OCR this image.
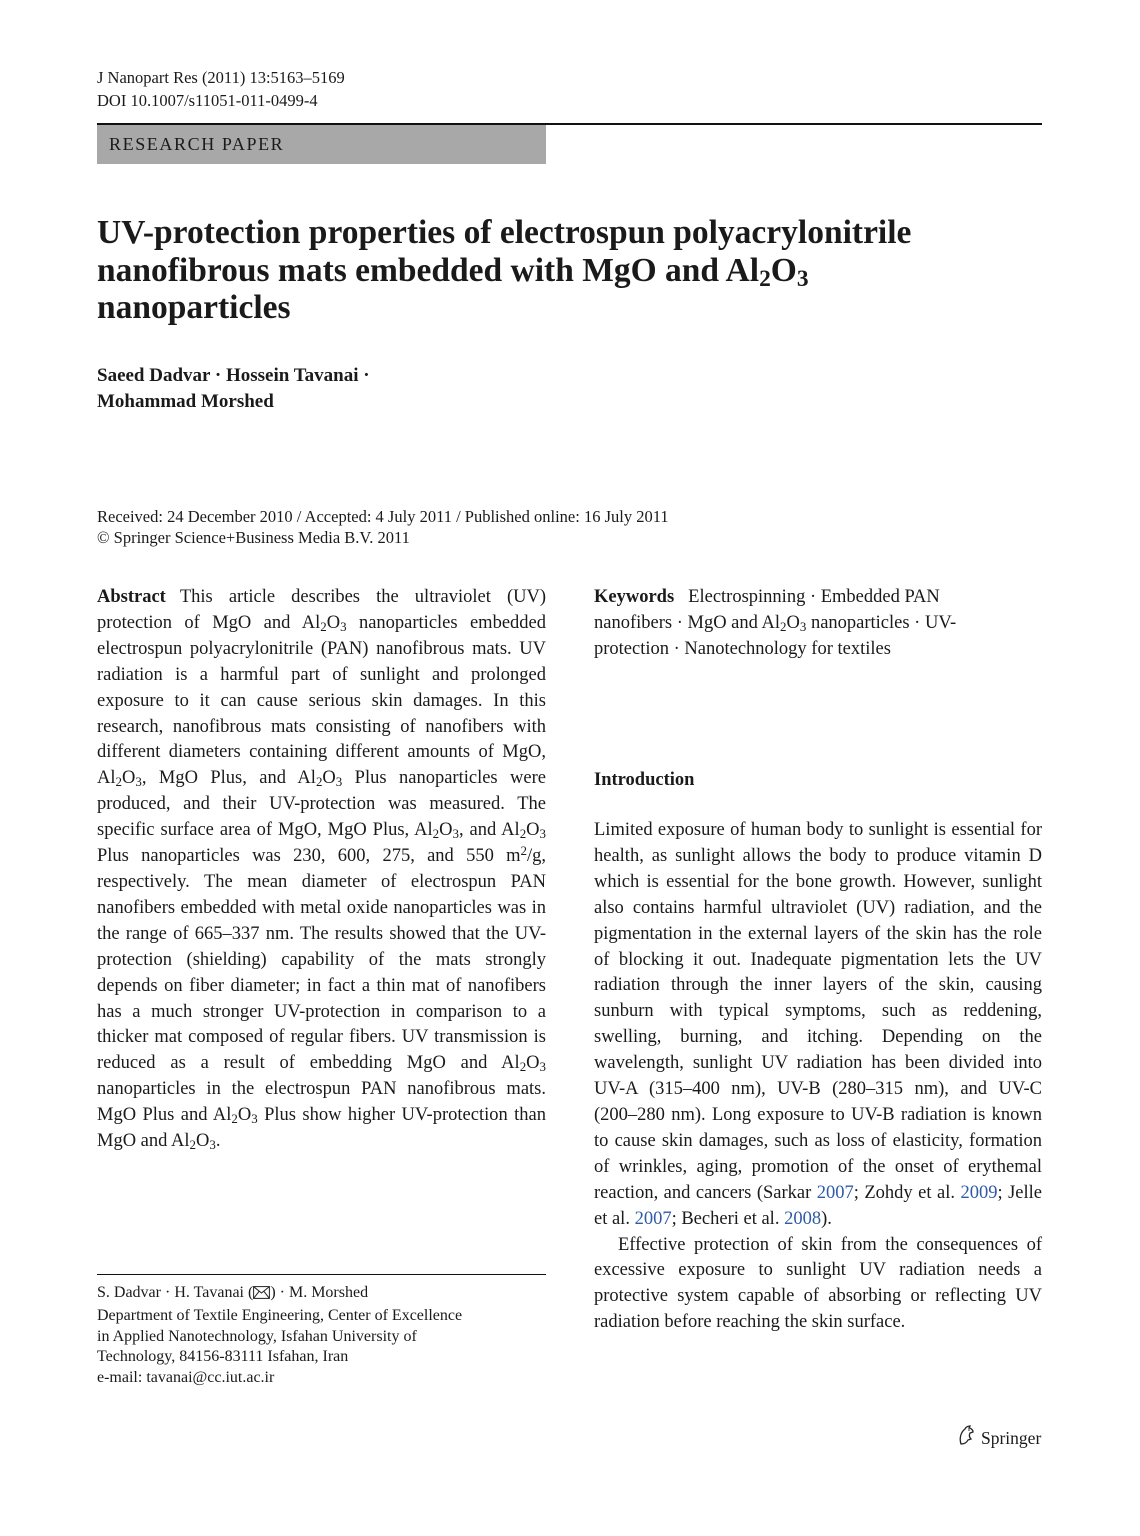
J Nanopart Res (2011) 13:5163–5169
DOI 10.1007/s11051-011-0499-4
RESEARCH PAPER
UV-protection properties of electrospun polyacrylonitrile
nanofibrous mats embedded with MgO and $Al_2O_3$
nanoparticles
Saeed Dadvar · Hossein Tavanai ·
Mohammad Morshed
Received: 24 December 2010 / Accepted: 4 July 2011 / Published online: 16 July 2011
© Springer Science+Business Media B.V. 2011
Abstract This article describes the ultraviolet (UV) protection of MgO and $Al_2O_3$ nanoparticles embedded electrospun polyacrylonitrile (PAN) nanofibrous mats. UV radiation is a harmful part of sunlight and prolonged exposure to it can cause serious skin damages. In this research, nanofibrous mats consisting of nanofibers with different diameters containing different amounts of MgO, $Al_2O_3$, MgO Plus, and $Al_2O_3$ Plus nanoparticles were produced, and their UV-protection was measured. The specific surface area of MgO, MgO Plus, $Al_2O_3$, and $Al_2O_3$ Plus nanoparticles was 230, 600, 275, and 550 $m^2/g$, respectively. The mean diameter of electrospun PAN nanofibers embedded with metal oxide nanoparticles was in the range of 665–337 nm. The results showed that the UV-protection (shielding) capability of the mats strongly depends on fiber diameter; in fact a thin mat of nanofibers has a much stronger UV-protection in comparison to a thicker mat composed of regular fibers. UV transmission is reduced as a result of embedding MgO and $Al_2O_3$ nanoparticles in the electrospun PAN nanofibrous mats. MgO Plus and $Al_2O_3$ Plus show higher UV-protection than MgO and $Al_2O_3$.
Keywords Electrospinning · Embedded PAN nanofibers · MgO and $Al_2O_3$ nanoparticles · UV-protection · Nanotechnology for textiles
Introduction

Limited exposure of human body to sunlight is essential for health, as sunlight allows the body to produce vitamin D which is essential for the bone growth. However, sunlight also contains harmful ultraviolet (UV) radiation, and the pigmentation in the external layers of the skin has the role of blocking it out. Inadequate pigmentation lets the UV radiation through the inner layers of the skin, causing sunburn with typical symptoms, such as reddening, swelling, burning, and itching. Depending on the wavelength, sunlight UV radiation has been divided into UV-A (315–400 nm), UV-B (280–315 nm), and UV-C (200–280 nm). Long exposure to UV-B radiation is known to cause skin damages, such as loss of elasticity, formation of wrinkles, aging, promotion of the onset of erythemal reaction, and cancers (Sarkar 2007; Zohdy et al. 2009; Jelle et al. 2007; Becheri et al. 2008).

Effective protection of skin from the consequences of excessive exposure to sunlight UV radiation needs a protective system capable of absorbing or reflecting UV radiation before reaching the skin surface.

S. Dadvar · H. Tavanai ( ) · M. Morshed
Department of Textile Engineering, Center of Excellence
in Applied Nanotechnology, Isfahan University of
Technology, 84156-83111 Isfahan, Iran
e-mail: tavanai@cc.iut.ac.ir
Springer
